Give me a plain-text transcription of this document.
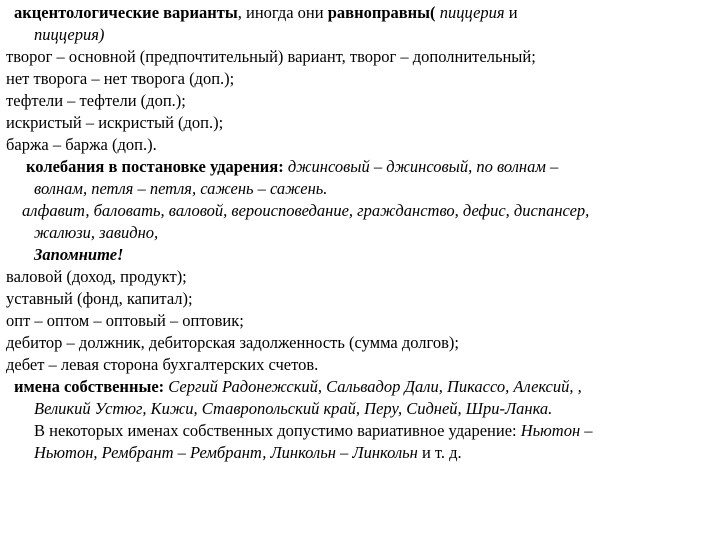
акцентологические варианты, иногда они равноправны( пиццерия и
пиццерия)
творог – основной (предпочтительный) вариант, творог – дополнительный;
нет творога – нет творога (доп.);
тефтели – тефтели (доп.);
искристый – искристый (доп.);
баржа – баржа (доп.).
колебания в постановке ударения: джинсовый – джинсовый, по волнам –
волнам, петля – петля, сажень – сажень.
алфавит, баловать, валовой, вероисповедание, гражданство, дефис, диспансер,
жалюзи, завидно,
Запомните!
валовой (доход, продукт);
уставный (фонд, капитал);
опт – оптом – оптовый – оптовик;
дебитор – должник, дебиторская задолженность (сумма долгов);
дебет – левая сторона бухгалтерских счетов.
имена собственные: Сергий Радонежский, Сальвадор Дали, Пикассо, Алексий, ,
Великий Устюг, Кижи, Ставропольский край, Перу, Сидней, Шри-Ланка.
В некоторых именах собственных допустимо вариативное ударение: Ньютон –
Ньютон, Рембрант – Рембрант, Линкольн – Линкольн и т. д.
